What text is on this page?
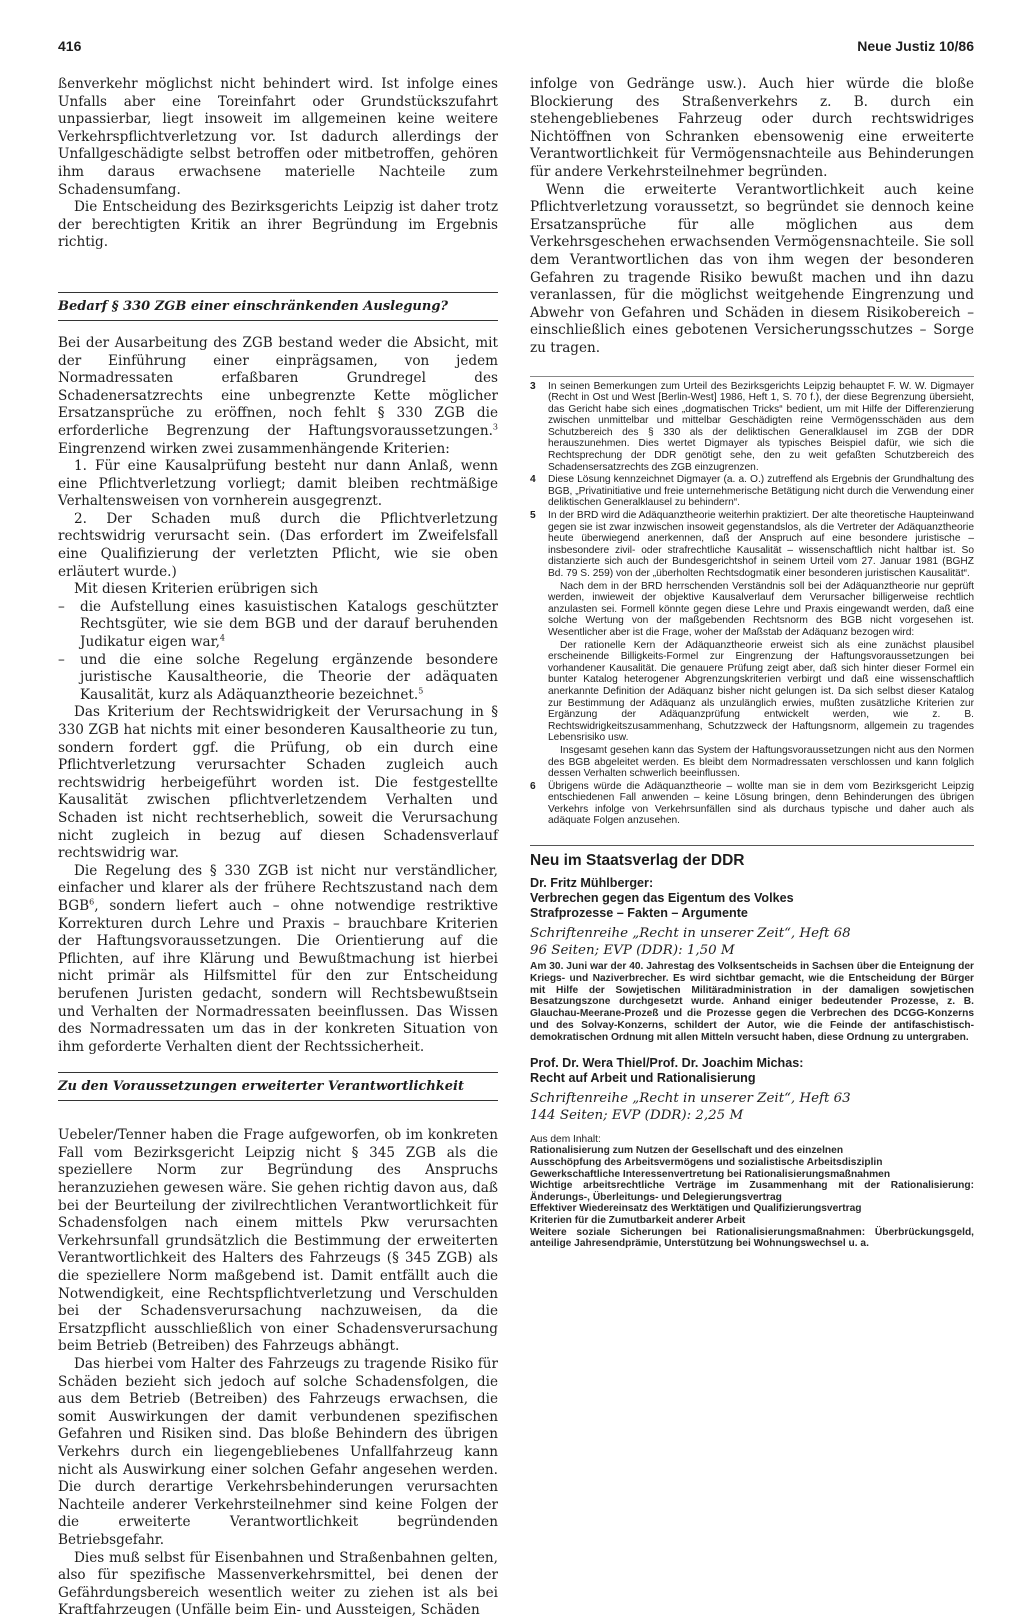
416	Neue Justiz 10/86

ßenverkehr möglichst nicht behindert wird. Ist infolge eines Unfalls aber eine Toreinfahrt oder Grundstückszufahrt unpassierbar, liegt insoweit im allgemeinen keine weitere Verkehrspflichtverletzung vor. Ist dadurch allerdings der Unfallgeschädigte selbst betroffen oder mitbetroffen, gehören ihm daraus erwachsene materielle Nachteile zum Schadensumfang.

Die Entscheidung des Bezirksgerichts Leipzig ist daher trotz der berechtigten Kritik an ihrer Begründung im Ergebnis richtig.

Bedarf § 330 ZGB einer einschränkenden Auslegung?

Bei der Ausarbeitung des ZGB bestand weder die Absicht, mit der Einführung einer einprägsamen, von jedem Normadressaten erfaßbaren Grundregel des Schadenersatzrechts eine unbegrenzte Kette möglicher Ersatzansprüche zu eröffnen, noch fehlt § 330 ZGB die erforderliche Begrenzung der Haftungsvoraussetzungen.$^3$ Eingrenzend wirken zwei zusammenhängende Kriterien:

1. Für eine Kausalprüfung besteht nur dann Anlaß, wenn eine Pflichtverletzung vorliegt; damit bleiben rechtmäßige Verhaltensweisen von vornherein ausgegrenzt.

2. Der Schaden muß durch die Pflichtverletzung rechtswidrig verursacht sein. (Das erfordert im Zweifelsfall eine Qualifizierung der verletzten Pflicht, wie sie oben erläutert wurde.)

Mit diesen Kriterien erübrigen sich

–	die Aufstellung eines kasuistischen Katalogs geschützter Rechtsgüter, wie sie dem BGB und der darauf beruhenden Judikatur eigen war,$^4$
–	und die eine solche Regelung ergänzende besondere juristische Kausaltheorie, die Theorie der adäquaten Kausalität, kurz als Adäquanztheorie bezeichnet.$^5$

Das Kriterium der Rechtswidrigkeit der Verursachung in § 330 ZGB hat nichts mit einer besonderen Kausaltheorie zu tun, sondern fordert ggf. die Prüfung, ob ein durch eine Pflichtverletzung verursachter Schaden zugleich auch rechtswidrig herbeigeführt worden ist. Die festgestellte Kausalität zwischen pflichtverletzendem Verhalten und Schaden ist nicht rechtserheblich, soweit die Verursachung nicht zugleich in bezug auf diesen Schadensverlauf rechtswidrig war.

Die Regelung des § 330 ZGB ist nicht nur verständlicher, einfacher und klarer als der frühere Rechtszustand nach dem BGB$^6$, sondern liefert auch – ohne notwendige restriktive Korrekturen durch Lehre und Praxis – brauchbare Kriterien der Haftungsvoraussetzungen. Die Orientierung auf die Pflichten, auf ihre Klärung und Bewußtmachung ist hierbei nicht primär als Hilfsmittel für den zur Entscheidung berufenen Juristen gedacht, sondern will Rechtsbewußtsein und Verhalten der Normadressaten beeinflussen. Das Wissen des Normadressaten um das in der konkreten Situation von ihm geforderte Verhalten dient der Rechtssicherheit.

Zu den Voraussetzungen erweiterter Verantwortlichkeit

Uebeler/Tenner haben die Frage aufgeworfen, ob im konkreten Fall vom Bezirksgericht Leipzig nicht § 345 ZGB als die speziellere Norm zur Begründung des Anspruchs heranzuziehen gewesen wäre. Sie gehen richtig davon aus, daß bei der Beurteilung der zivilrechtlichen Verantwortlichkeit für Schadensfolgen nach einem mittels Pkw verursachten Verkehrsunfall grundsätzlich die Bestimmung der erweiterten Verantwortlichkeit des Halters des Fahrzeugs (§ 345 ZGB) als die speziellere Norm maßgebend ist. Damit entfällt auch die Notwendigkeit, eine Rechtspflichtverletzung und Verschulden bei der Schadensverursachung nachzuweisen, da die Ersatzpflicht ausschließlich von einer Schadensverursachung beim Betrieb (Betreiben) des Fahrzeugs abhängt.

Das hierbei vom Halter des Fahrzeugs zu tragende Risiko für Schäden bezieht sich jedoch auf solche Schadensfolgen, die aus dem Betrieb (Betreiben) des Fahrzeugs erwachsen, die somit Auswirkungen der damit verbundenen spezifischen Gefahren und Risiken sind. Das bloße Behindern des übrigen Verkehrs durch ein liegengebliebenes Unfallfahrzeug kann nicht als Auswirkung einer solchen Gefahr angesehen werden. Die durch derartige Verkehrsbehinderungen verursachten Nachteile anderer Verkehrsteilnehmer sind keine Folgen der die erweiterte Verantwortlichkeit begründenden Betriebsgefahr.

Dies muß selbst für Eisenbahnen und Straßenbahnen gelten, also für spezifische Massenverkehrsmittel, bei denen der Gefährdungsbereich wesentlich weiter zu ziehen ist als bei Kraftfahrzeugen (Unfälle beim Ein- und Aussteigen, Schäden

infolge von Gedränge usw.). Auch hier würde die bloße Blockierung des Straßenverkehrs z. B. durch ein stehengebliebenes Fahrzeug oder durch rechtswidriges Nichtöffnen von Schranken ebensowenig eine erweiterte Verantwortlichkeit für Vermögensnachteile aus Behinderungen für andere Verkehrsteilnehmer begründen.

Wenn die erweiterte Verantwortlichkeit auch keine Pflichtverletzung voraussetzt, so begründet sie dennoch keine Ersatzansprüche für alle möglichen aus dem Verkehrsgeschehen erwachsenden Vermögensnachteile. Sie soll dem Verantwortlichen das von ihm wegen der besonderen Gefahren zu tragende Risiko bewußt machen und ihn dazu veranlassen, für die möglichst weitgehende Eingrenzung und Abwehr von Gefahren und Schäden in diesem Risikobereich – einschließlich eines gebotenen Versicherungsschutzes – Sorge zu tragen.

3	In seinen Bemerkungen zum Urteil des Bezirksgerichts Leipzig behauptet F. W. W. Digmayer (Recht in Ost und West [Berlin-West] 1986, Heft 1, S. 70 f.), der diese Begrenzung übersieht, das Gericht habe sich eines „dogmatischen Tricks“ bedient, um mit Hilfe der Differenzierung zwischen unmittelbar und mittelbar Geschädigten reine Vermögensschäden aus dem Schutzbereich des § 330 als der deliktischen Generalklausel im ZGB der DDR herauszunehmen. Dies wertet Digmayer als typisches Beispiel dafür, wie sich die Rechtsprechung der DDR genötigt sehe, den zu weit gefaßten Schutzbereich des Schadensersatzrechts des ZGB einzugrenzen.
4	Diese Lösung kennzeichnet Digmayer (a. a. O.) zutreffend als Ergebnis der Grundhaltung des BGB, „Privatinitiative und freie unternehmerische Betätigung nicht durch die Verwendung einer deliktischen Generalklausel zu behindern“.
5	In der BRD wird die Adäquanztheorie weiterhin praktiziert. Der alte theoretische Haupteinwand gegen sie ist zwar inzwischen insoweit gegenstandslos, als die Vertreter der Adäquanztheorie heute überwiegend anerkennen, daß der Anspruch auf eine besondere juristische – insbesondere zivil- oder strafrechtliche Kausalität – wissenschaftlich nicht haltbar ist. So distanzierte sich auch der Bundesgerichtshof in seinem Urteil vom 27. Januar 1981 (BGHZ Bd. 79 S. 259) von der „überholten Rechtsdogmatik einer besonderen juristischen Kausalität“.

Nach dem in der BRD herrschenden Verständnis soll bei der Adäquanztheorie nur geprüft werden, inwieweit der objektive Kausalverlauf dem Verursacher billigerweise rechtlich anzulasten sei. Formell könnte gegen diese Lehre und Praxis eingewandt werden, daß eine solche Wertung von der maßgebenden Rechtsnorm des BGB nicht vorgesehen ist. Wesentlicher aber ist die Frage, woher der Maßstab der Adäquanz bezogen wird:

Der rationelle Kern der Adäquanztheorie erweist sich als eine zunächst plausibel erscheinende Billigkeits-Formel zur Eingrenzung der Haftungsvoraussetzungen bei vorhandener Kausalität. Die genauere Prüfung zeigt aber, daß sich hinter dieser Formel ein bunter Katalog heterogener Abgrenzungskriterien verbirgt und daß eine wissenschaftlich anerkannte Definition der Adäquanz bisher nicht gelungen ist. Da sich selbst dieser Katalog zur Bestimmung der Adäquanz als unzulänglich erwies, mußten zusätzliche Kriterien zur Ergänzung der Adäquanzprüfung entwickelt werden, wie z. B. Rechtswidrigkeitszusammenhang, Schutzzweck der Haftungsnorm, allgemein zu tragendes Lebensrisiko usw.

Insgesamt gesehen kann das System der Haftungsvoraussetzungen nicht aus den Normen des BGB abgeleitet werden. Es bleibt dem Normadressaten verschlossen und kann folglich dessen Verhalten schwerlich beeinflussen.

6	Übrigens würde die Adäquanztheorie – wollte man sie in dem vom Bezirksgericht Leipzig entschiedenen Fall anwenden – keine Lösung bringen, denn Behinderungen des übrigen Verkehrs infolge von Verkehrsunfällen sind als durchaus typische und daher auch als adäquate Folgen anzusehen.
Neu im Staatsverlag der DDR
Dr. Fritz Mühlberger:
Verbrechen gegen das Eigentum des Volkes
Strafprozesse – Fakten – Argumente
Schriftenreihe „Recht in unserer Zeit“, Heft 68
96 Seiten; EVP (DDR): 1,50 M
Am 30. Juni war der 40. Jahrestag des Volksentscheids in Sachsen über die Enteignung der Kriegs- und Naziverbrecher. Es wird sichtbar gemacht, wie die Entscheidung der Bürger mit Hilfe der Sowjetischen Militäradministration in der damaligen sowjetischen Besatzungszone durchgesetzt wurde. Anhand einiger bedeutender Prozesse, z. B. Glauchau-Meerane-Prozeß und die Prozesse gegen die Verbrechen des DCGG-Konzerns und des Solvay-Konzerns, schildert der Autor, wie die Feinde der antifaschistisch-demokratischen Ordnung mit allen Mitteln versucht haben, diese Ordnung zu untergraben.
Prof. Dr. Wera Thiel/Prof. Dr. Joachim Michas:
Recht auf Arbeit und Rationalisierung
Schriftenreihe „Recht in unserer Zeit“, Heft 63
144 Seiten; EVP (DDR): 2,25 M
Aus dem Inhalt:
Rationalisierung zum Nutzen der Gesellschaft und des einzelnen
Ausschöpfung des Arbeitsvermögens und sozialistische Arbeitsdisziplin
Gewerkschaftliche Interessenvertretung bei Rationalisierungsmaßnahmen
Wichtige arbeitsrechtliche Verträge im Zusammenhang mit der Rationalisierung: Änderungs-, Überleitungs- und Delegierungsvertrag
Effektiver Wiedereinsatz des Werktätigen und Qualifizierungsvertrag
Kriterien für die Zumutbarkeit anderer Arbeit
Weitere soziale Sicherungen bei Rationalisierungsmaßnahmen: Überbrückungsgeld, anteilige Jahresendprämie, Unterstützung bei Wohnungswechsel u. a.
